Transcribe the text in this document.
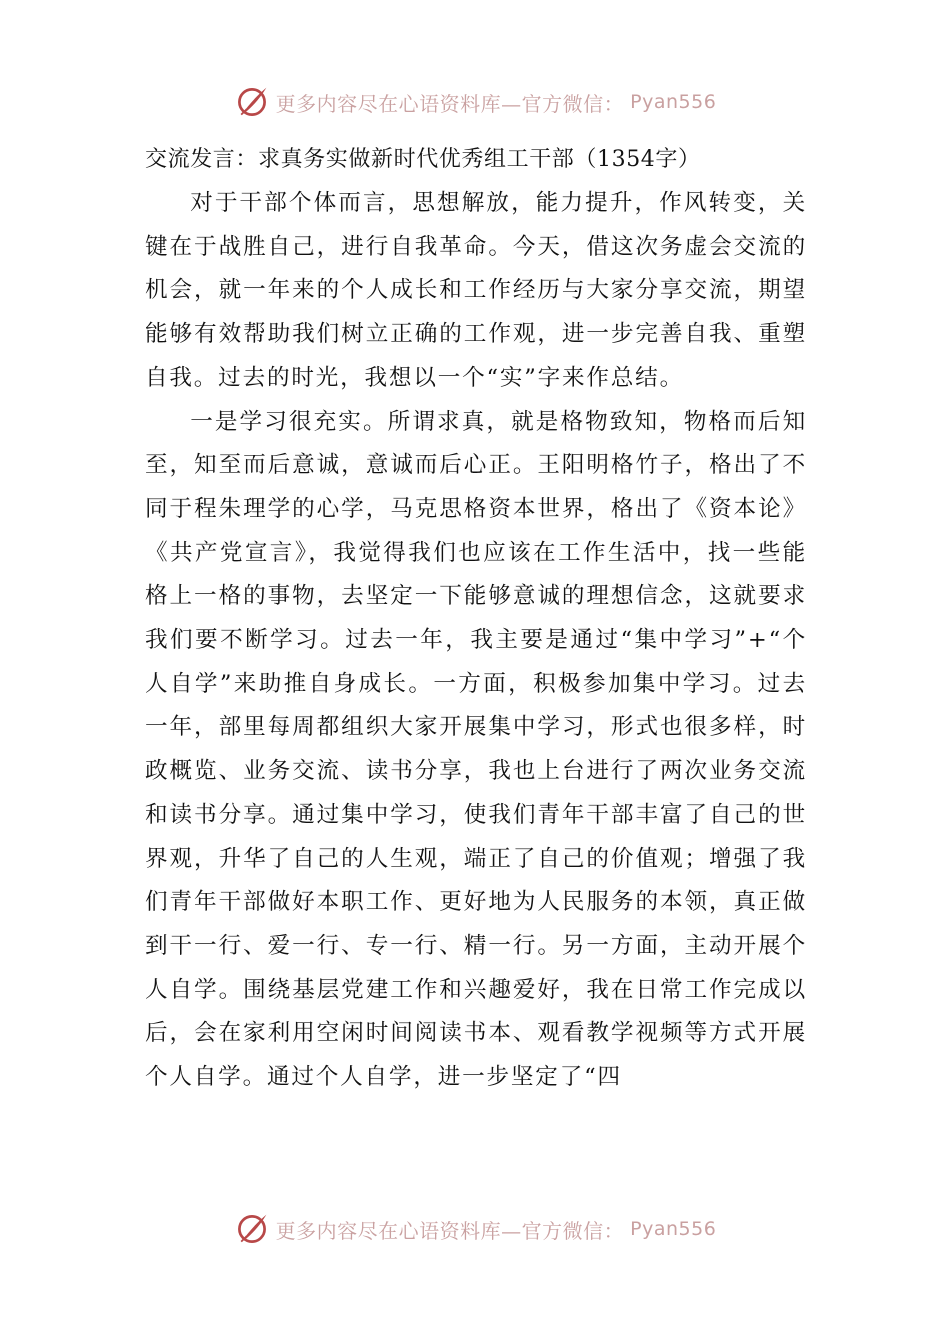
更多内容尽在心语资料库—官方微信： Pyan556
交流发言：求真务实做新时代优秀组工干部（1354字）

对于干部个体而言，思想解放，能力提升，作风转变，关键在于战胜自己，进行自我革命。今天，借这次务虚会交流的机会，就一年来的个人成长和工作经历与大家分享交流，期望能够有效帮助我们树立正确的工作观，进一步完善自我、重塑自我。过去的时光，我想以一个“实”字来作总结。

一是学习很充实。所谓求真，就是格物致知，物格而后知至，知至而后意诚，意诚而后心正。王阳明格竹子，格出了不同于程朱理学的心学，马克思格资本世界，格出了《资本论》《共产党宣言》，我觉得我们也应该在工作生活中，找一些能格上一格的事物，去坚定一下能够意诚的理想信念，这就要求我们要不断学习。过去一年，我主要是通过“集中学习”+“个人自学”来助推自身成长。一方面，积极参加集中学习。过去一年，部里每周都组织大家开展集中学习，形式也很多样，时政概览、业务交流、读书分享，我也上台进行了两次业务交流和读书分享。通过集中学习，使我们青年干部丰富了自己的世界观，升华了自己的人生观，端正了自己的价值观；增强了我们青年干部做好本职工作、更好地为人民服务的本领，真正做到干一行、爱一行、专一行、精一行。另一方面，主动开展个人自学。围绕基层党建工作和兴趣爱好，我在日常工作完成以后，会在家利用空闲时间阅读书本、观看教学视频等方式开展个人自学。通过个人自学，进一步坚定了“四

更多内容尽在心语资料库—官方微信： Pyan556
